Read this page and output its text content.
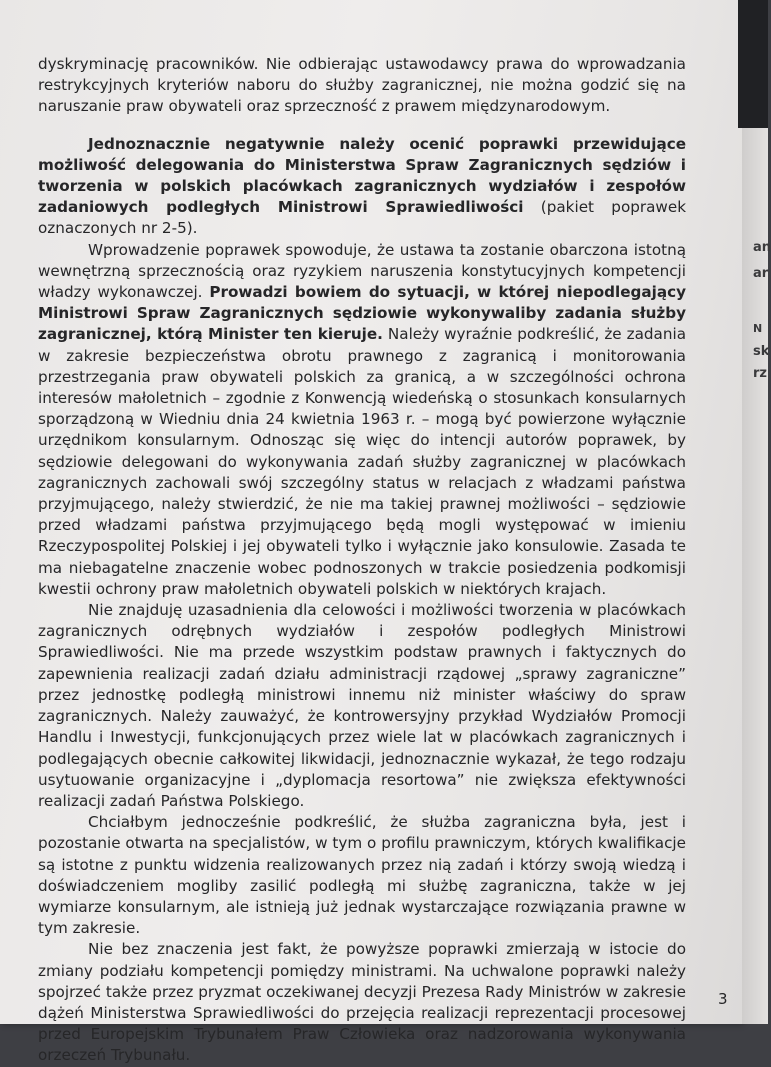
dyskryminację pracowników. Nie odbierając ustawodawcy prawa do wprowadzania restrykcyjnych kryteriów naboru do służby zagranicznej, nie można godzić się na naruszanie praw obywateli oraz sprzeczność z prawem międzynarodowym.

Jednoznacznie negatywnie należy ocenić poprawki przewidujące możliwość delegowania do Ministerstwa Spraw Zagranicznych sędziów i tworzenia w polskich placówkach zagranicznych wydziałów i zespołów zadaniowych podległych Ministrowi Sprawiedliwości (pakiet poprawek oznaczonych nr 2-5).

Wprowadzenie poprawek spowoduje, że ustawa ta zostanie obarczona istotną wewnętrzną sprzecznością oraz ryzykiem naruszenia konstytucyjnych kompetencji władzy wykonawczej. Prowadzi bowiem do sytuacji, w której niepodlegający Ministrowi Spraw Zagranicznych sędziowie wykonywaliby zadania służby zagranicznej, którą Minister ten kieruje. Należy wyraźnie podkreślić, że zadania w zakresie bezpieczeństwa obrotu prawnego z zagranicą i monitorowania przestrzegania praw obywateli polskich za granicą, a w szczególności ochrona interesów małoletnich – zgodnie z Konwencją wiedeńską o stosunkach konsularnych sporządzoną w Wiedniu dnia 24 kwietnia 1963 r. – mogą być powierzone wyłącznie urzędnikom konsularnym. Odnosząc się więc do intencji autorów poprawek, by sędziowie delegowani do wykonywania zadań służby zagranicznej w placówkach zagranicznych zachowali swój szczególny status w relacjach z władzami państwa przyjmującego, należy stwierdzić, że nie ma takiej prawnej możliwości – sędziowie przed władzami państwa przyjmującego będą mogli występować w imieniu Rzeczypospolitej Polskiej i jej obywateli tylko i wyłącznie jako konsulowie. Zasada te ma niebagatelne znaczenie wobec podnoszonych w trakcie posiedzenia podkomisji kwestii ochrony praw małoletnich obywateli polskich w niektórych krajach.

Nie znajduję uzasadnienia dla celowości i możliwości tworzenia w placówkach zagranicznych odrębnych wydziałów i zespołów podległych Ministrowi Sprawiedliwości. Nie ma przede wszystkim podstaw prawnych i faktycznych do zapewnienia realizacji zadań działu administracji rządowej „sprawy zagraniczne” przez jednostkę podległą ministrowi innemu niż minister właściwy do spraw zagranicznych. Należy zauważyć, że kontrowersyjny przykład Wydziałów Promocji Handlu i Inwestycji, funkcjonujących przez wiele lat w placówkach zagranicznych i podlegających obecnie całkowitej likwidacji, jednoznacznie wykazał, że tego rodzaju usytuowanie organizacyjne i „dyplomacja resortowa” nie zwiększa efektywności realizacji zadań Państwa Polskiego.

Chciałbym jednocześnie podkreślić, że służba zagraniczna była, jest i pozostanie otwarta na specjalistów, w tym o profilu prawniczym, których kwalifikacje są istotne z punktu widzenia realizowanych przez nią zadań i którzy swoją wiedzą i doświadczeniem mogliby zasilić podległą mi służbę zagraniczna, także w jej wymiarze konsularnym, ale istnieją już jednak wystarczające rozwiązania prawne w tym zakresie.

Nie bez znaczenia jest fakt, że powyższe poprawki zmierzają w istocie do zmiany podziału kompetencji pomiędzy ministrami. Na uchwalone poprawki należy spojrzeć także przez pryzmat oczekiwanej decyzji Prezesa Rady Ministrów w zakresie dążeń Ministerstwa Sprawiedliwości do przejęcia realizacji reprezentacji procesowej przed Europejskim Trybunałem Praw Człowieka oraz nadzorowania wykonywania orzeczeń Trybunału.

3
an
ar
N
sk
rz
